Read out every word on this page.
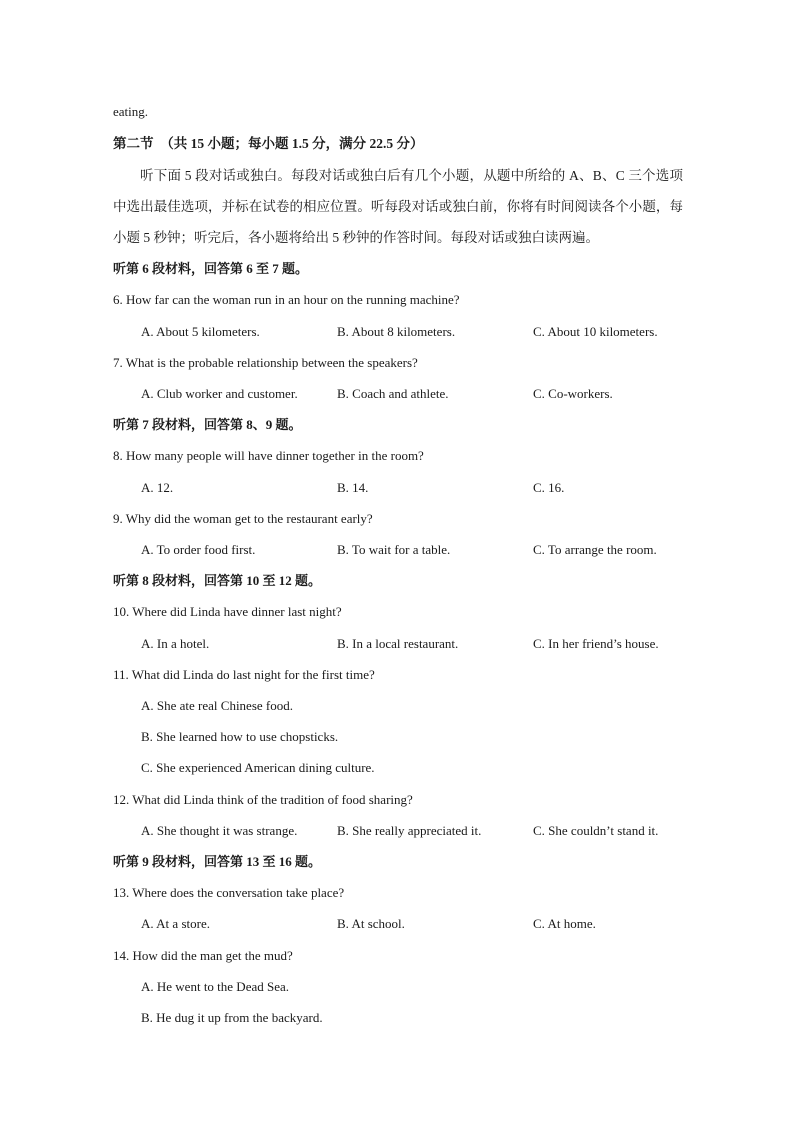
eating.
第二节　（共 15 小题；每小题 1.5 分，满分 22.5 分）
听下面 5 段对话或独白。每段对话或独白后有几个小题，从题中所给的 A、B、C 三个选项中选出最佳选项，并标在试卷的相应位置。听每段对话或独白前，你将有时间阅读各个小题，每小题 5 秒钟；听完后，各小题将给出 5 秒钟的作答时间。每段对话或独白读两遍。
听第 6 段材料，回答第 6 至 7 题。
6. How far can the woman run in an hour on the running machine?
A. About 5 kilometers.	B. About 8 kilometers.	C. About 10 kilometers.
7. What is the probable relationship between the speakers?
A. Club worker and customer.	B. Coach and athlete.	C. Co-workers.
听第 7 段材料，回答第 8、9 题。
8. How many people will have dinner together in the room?
A. 12.	B. 14.	C. 16.
9. Why did the woman get to the restaurant early?
A. To order food first.	B. To wait for a table.	C. To arrange the room.
听第 8 段材料，回答第 10 至 12 题。
10. Where did Linda have dinner last night?
A. In a hotel.	B. In a local restaurant.	C. In her friend’s house.
11. What did Linda do last night for the first time?
A. She ate real Chinese food.
B. She learned how to use chopsticks.
C. She experienced American dining culture.
12. What did Linda think of the tradition of food sharing?
A. She thought it was strange.	B. She really appreciated it.	C. She couldn’t stand it.
听第 9 段材料，回答第 13 至 16 题。
13. Where does the conversation take place?
A. At a store.	B. At school.	C. At home.
14. How did the man get the mud?
A. He went to the Dead Sea.
B. He dug it up from the backyard.
